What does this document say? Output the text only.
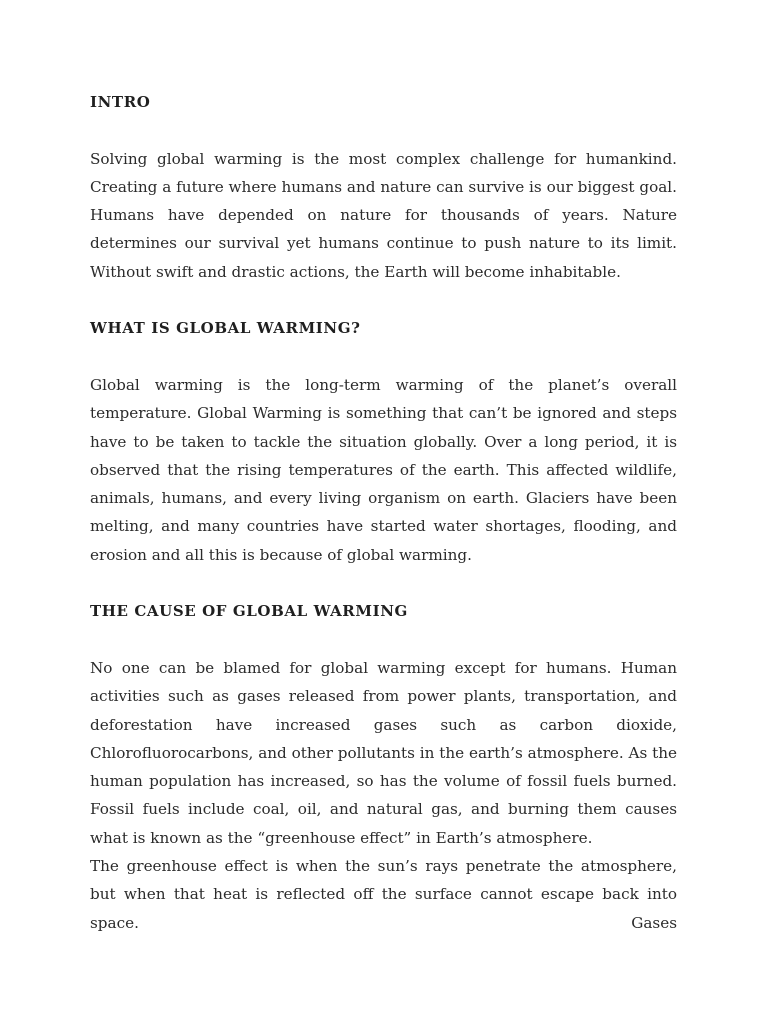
INTRO

Solving global warming is the most complex challenge for humankind. Creating a future where humans and nature can survive is our biggest goal. Humans have depended on nature for thousands of years. Nature determines our survival yet humans continue to push nature to its limit. Without swift and drastic actions, the Earth will become inhabitable.

WHAT IS GLOBAL WARMING?

Global warming is the long-term warming of the planet’s overall temperature. Global Warming is something that can’t be ignored and steps have to be taken to tackle the situation globally. Over a long period, it is observed that the rising temperatures of the earth. This affected wildlife, animals, humans, and every living organism on earth. Glaciers have been melting, and many countries have started water shortages, flooding, and erosion and all this is because of global warming.

THE CAUSE OF GLOBAL WARMING

No one can be blamed for global warming except for humans. Human activities such as gases released from power plants, transportation, and deforestation have increased gases such as carbon dioxide, Chlorofluorocarbons, and other pollutants in the earth’s atmosphere. As the human population has increased, so has the volume of fossil fuels burned. Fossil fuels include coal, oil, and natural gas, and burning them causes what is known as the “greenhouse effect” in Earth’s atmosphere.

The greenhouse effect is when the sun’s rays penetrate the atmosphere, but when that heat is reflected off the surface cannot escape back into space. Gases
